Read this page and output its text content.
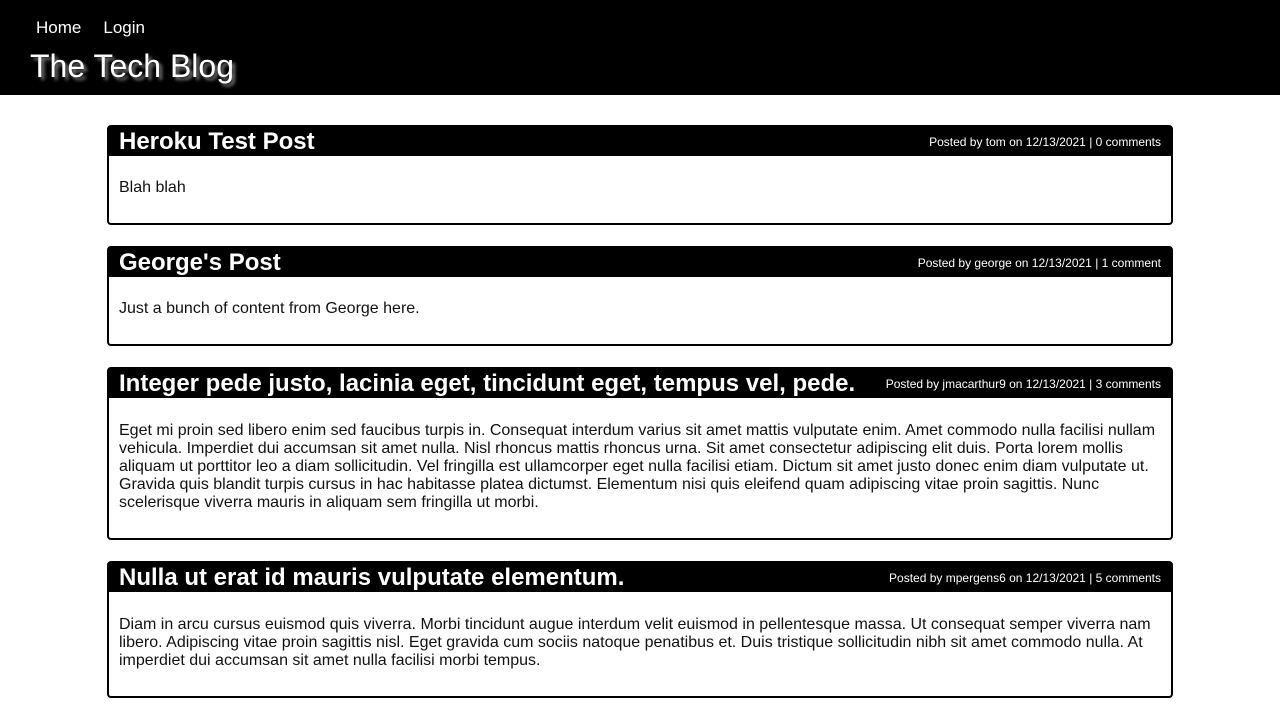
Home Login
The Tech Blog
Heroku Test Post	Posted by tom on 12/13/2021 | 0 comments
Blah blah
George's Post	Posted by george on 12/13/2021 | 1 comment
Just a bunch of content from George here.
Integer pede justo, lacinia eget, tincidunt eget, tempus vel, pede.	Posted by jmacarthur9 on 12/13/2021 | 3 comments
Eget mi proin sed libero enim sed faucibus turpis in. Consequat interdum varius sit amet mattis vulputate enim. Amet commodo nulla facilisi nullam vehicula. Imperdiet dui accumsan sit amet nulla. Nisl rhoncus mattis rhoncus urna. Sit amet consectetur adipiscing elit duis. Porta lorem mollis aliquam ut porttitor leo a diam sollicitudin. Vel fringilla est ullamcorper eget nulla facilisi etiam. Dictum sit amet justo donec enim diam vulputate ut. Gravida quis blandit turpis cursus in hac habitasse platea dictumst. Elementum nisi quis eleifend quam adipiscing vitae proin sagittis. Nunc scelerisque viverra mauris in aliquam sem fringilla ut morbi.
Nulla ut erat id mauris vulputate elementum.	Posted by mpergens6 on 12/13/2021 | 5 comments
Diam in arcu cursus euismod quis viverra. Morbi tincidunt augue interdum velit euismod in pellentesque massa. Ut consequat semper viverra nam libero. Adipiscing vitae proin sagittis nisl. Eget gravida cum sociis natoque penatibus et. Duis tristique sollicitudin nibh sit amet commodo nulla. At imperdiet dui accumsan sit amet nulla facilisi morbi tempus.
